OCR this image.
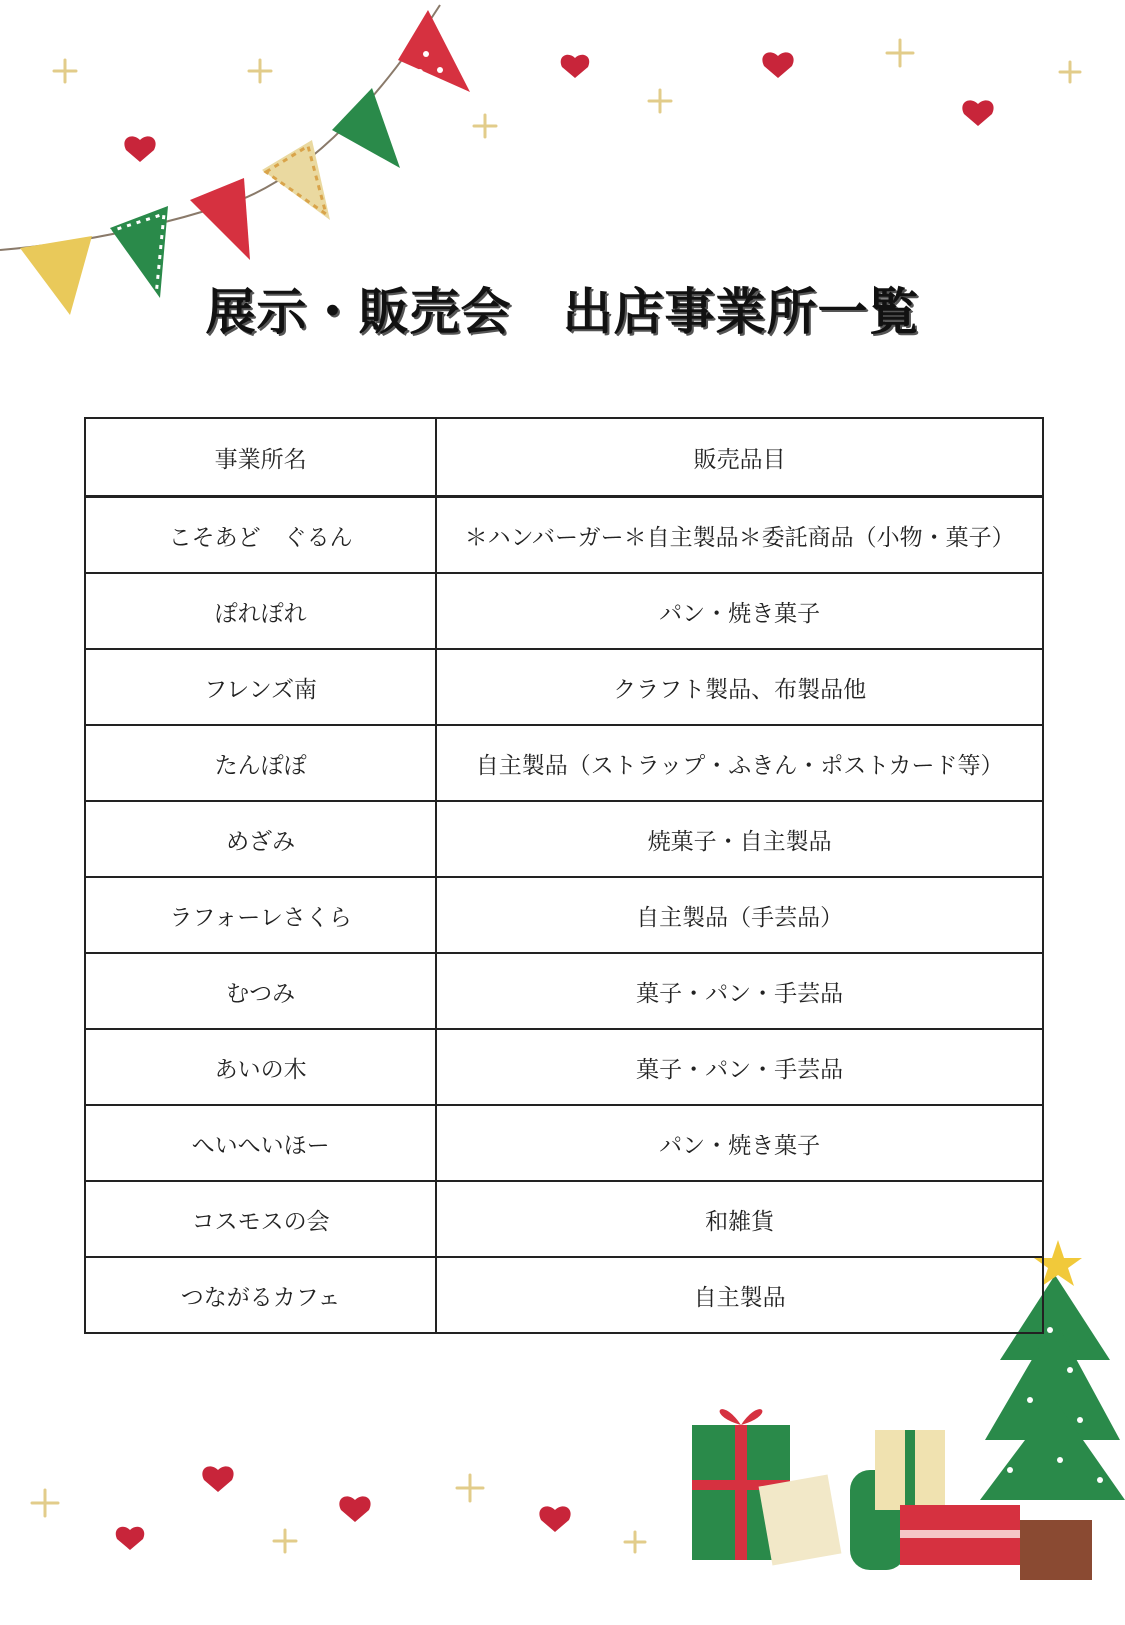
展示・販売会　出店事業所一覧
事業所名	販売品目
こそあど　ぐるん	＊ハンバーガー＊自主製品＊委託商品（小物・菓子）
ぽれぽれ	パン・焼き菓子
フレンズ南	クラフト製品、布製品他
たんぽぽ	自主製品（ストラップ・ふきん・ポストカード等）
めざみ	焼菓子・自主製品
ラフォーレさくら	自主製品（手芸品）
むつみ	菓子・パン・手芸品
あいの木	菓子・パン・手芸品
へいへいほー	パン・焼き菓子
コスモスの会	和雑貨
つながるカフェ	自主製品
